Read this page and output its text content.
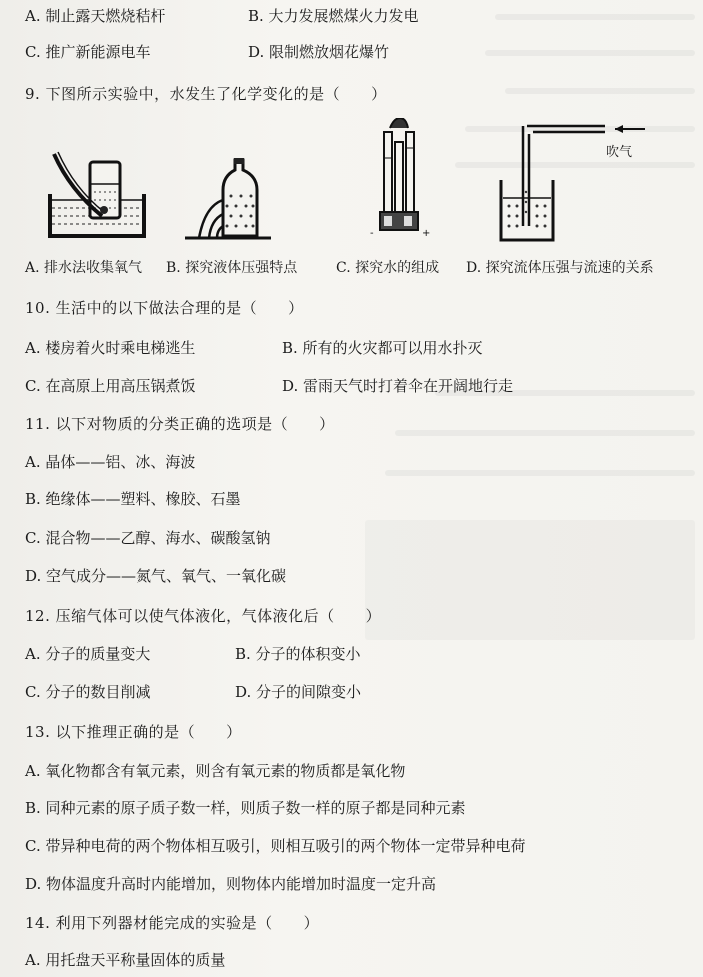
A. 制止露天燃烧秸杆	B. 大力发展燃煤火力发电
C. 推广新能源电车	D. 限制燃放烟花爆竹
9. 下图所示实验中，水发生了化学变化的是（　　）
-	+
吹气
A. 排水法收集氧气 B. 探究液体压强特点	C. 探究水的组成 D. 探究流体压强与流速的关系
10. 生活中的以下做法合理的是（　　）
A. 楼房着火时乘电梯逃生	B. 所有的火灾都可以用水扑灭
C. 在高原上用高压锅煮饭	D. 雷雨天气时打着伞在开阔地行走
11. 以下对物质的分类正确的选项是（　　）
A. 晶体——铝、冰、海波
B. 绝缘体——塑料、橡胶、石墨
C. 混合物——乙醇、海水、碳酸氢钠
D. 空气成分——氮气、氧气、一氧化碳
12. 压缩气体可以使气体液化，气体液化后（　　）
A. 分子的质量变大	B. 分子的体积变小
C. 分子的数目削减	D. 分子的间隙变小
13. 以下推理正确的是（　　）
A. 氧化物都含有氧元素，则含有氧元素的物质都是氧化物
B. 同种元素的原子质子数一样，则质子数一样的原子都是同种元素
C. 带异种电荷的两个物体相互吸引，则相互吸引的两个物体一定带异种电荷
D. 物体温度升高时内能增加，则物体内能增加时温度一定升高
14. 利用下列器材能完成的实验是（　　）
A. 用托盘天平称量固体的质量
